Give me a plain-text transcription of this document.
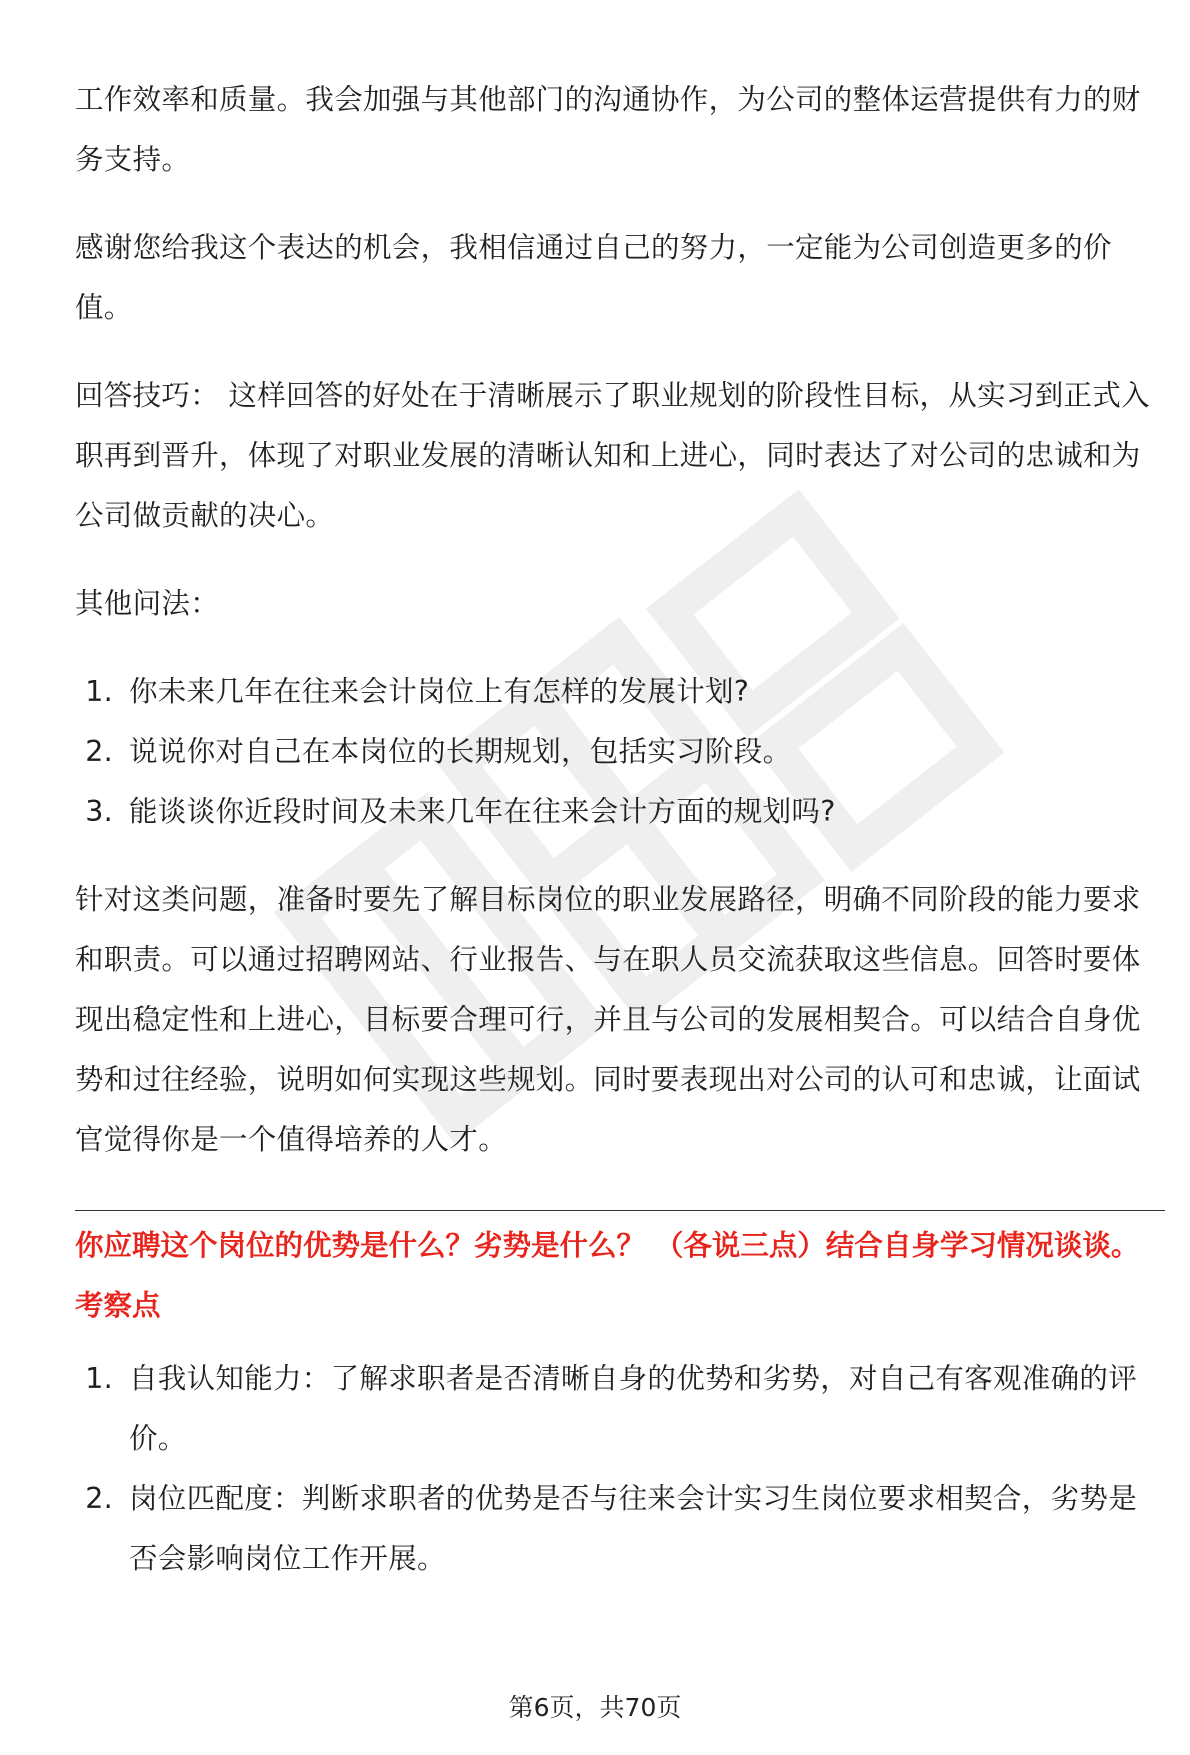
工作效率和质量。我会加强与其他部门的沟通协作，为公司的整体运营提供有力的财务支持。

感谢您给我这个表达的机会，我相信通过自己的努力，一定能为公司创造更多的价值。

回答技巧： 这样回答的好处在于清晰展示了职业规划的阶段性目标，从实习到正式入职再到晋升，体现了对职业发展的清晰认知和上进心，同时表达了对公司的忠诚和为公司做贡献的决心。

其他问法：

1. 你未来几年在往来会计岗位上有怎样的发展计划?
2. 说说你对自己在本岗位的长期规划，包括实习阶段。
3. 能谈谈你近段时间及未来几年在往来会计方面的规划吗?

针对这类问题，准备时要先了解目标岗位的职业发展路径，明确不同阶段的能力要求和职责。可以通过招聘网站、行业报告、与在职人员交流获取这些信息。回答时要体现出稳定性和上进心，目标要合理可行，并且与公司的发展相契合。可以结合自身优势和过往经验，说明如何实现这些规划。同时要表现出对公司的认可和忠诚，让面试官觉得你是一个值得培养的人才。

你应聘这个岗位的优势是什么？劣势是什么？ （各说三点）结合自身学习情况谈谈。
考察点
1. 自我认知能力：了解求职者是否清晰自身的优势和劣势，对自己有客观准确的评价。
2. 岗位匹配度：判断求职者的优势是否与往来会计实习生岗位要求相契合，劣势是否会影响岗位工作开展。
第6页，共70页
